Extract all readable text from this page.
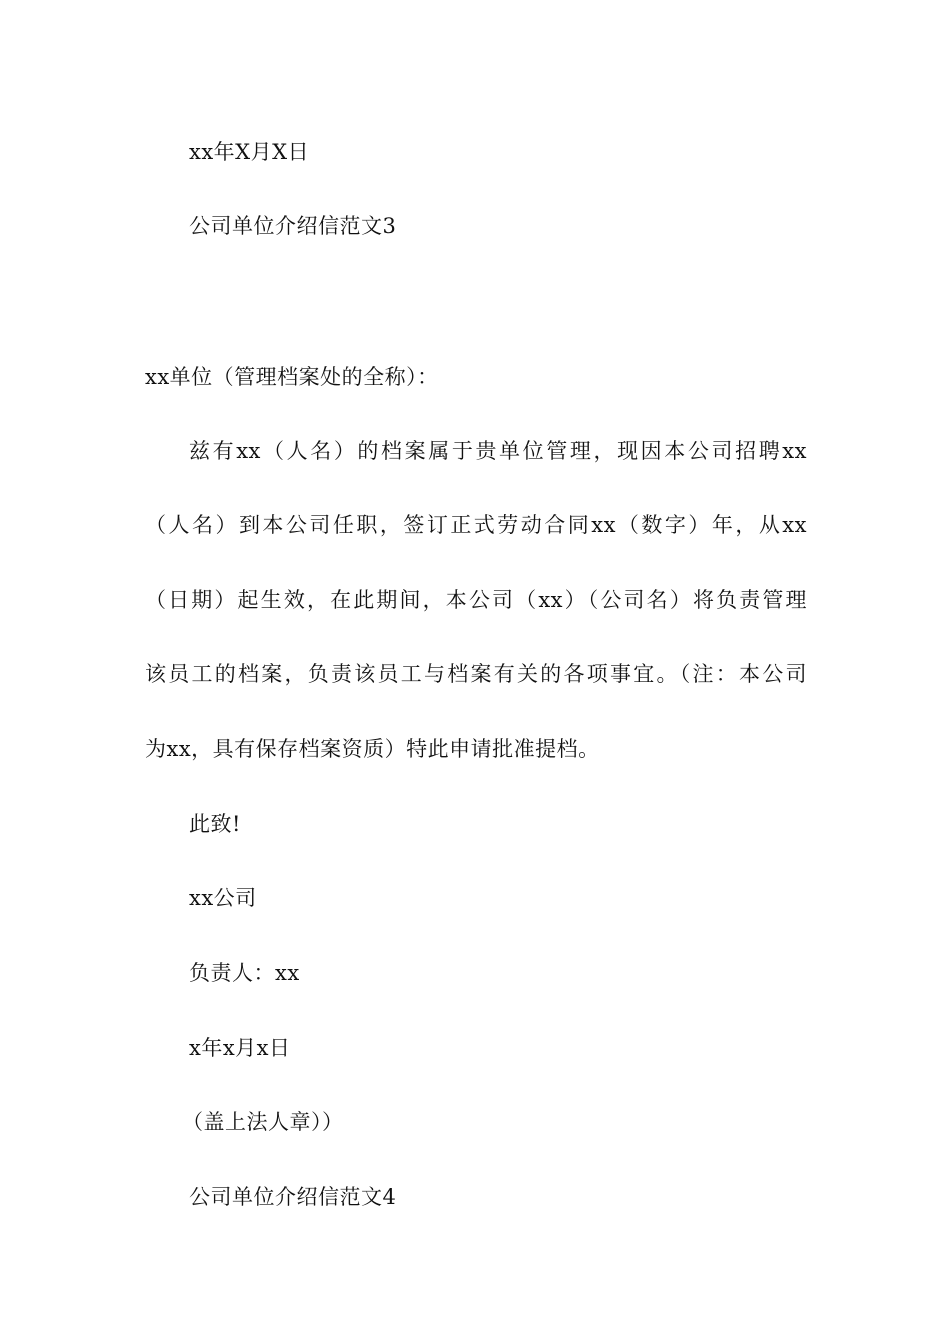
xx年X月X日
公司单位介绍信范文3
xx单位（管理档案处的全称）：
兹有xx（人名）的档案属于贵单位管理，现因本公司招聘xx
（人名）到本公司任职，签订正式劳动合同xx（数字）年，从xx
（日期）起生效，在此期间，本公司（xx）（公司名）将负责管理
该员工的档案，负责该员工与档案有关的各项事宜。（注：本公司
为xx，具有保存档案资质）特此申请批准提档。
此致!
xx公司
负责人：xx
x年x月x日
（盖上法人章））
公司单位介绍信范文4
